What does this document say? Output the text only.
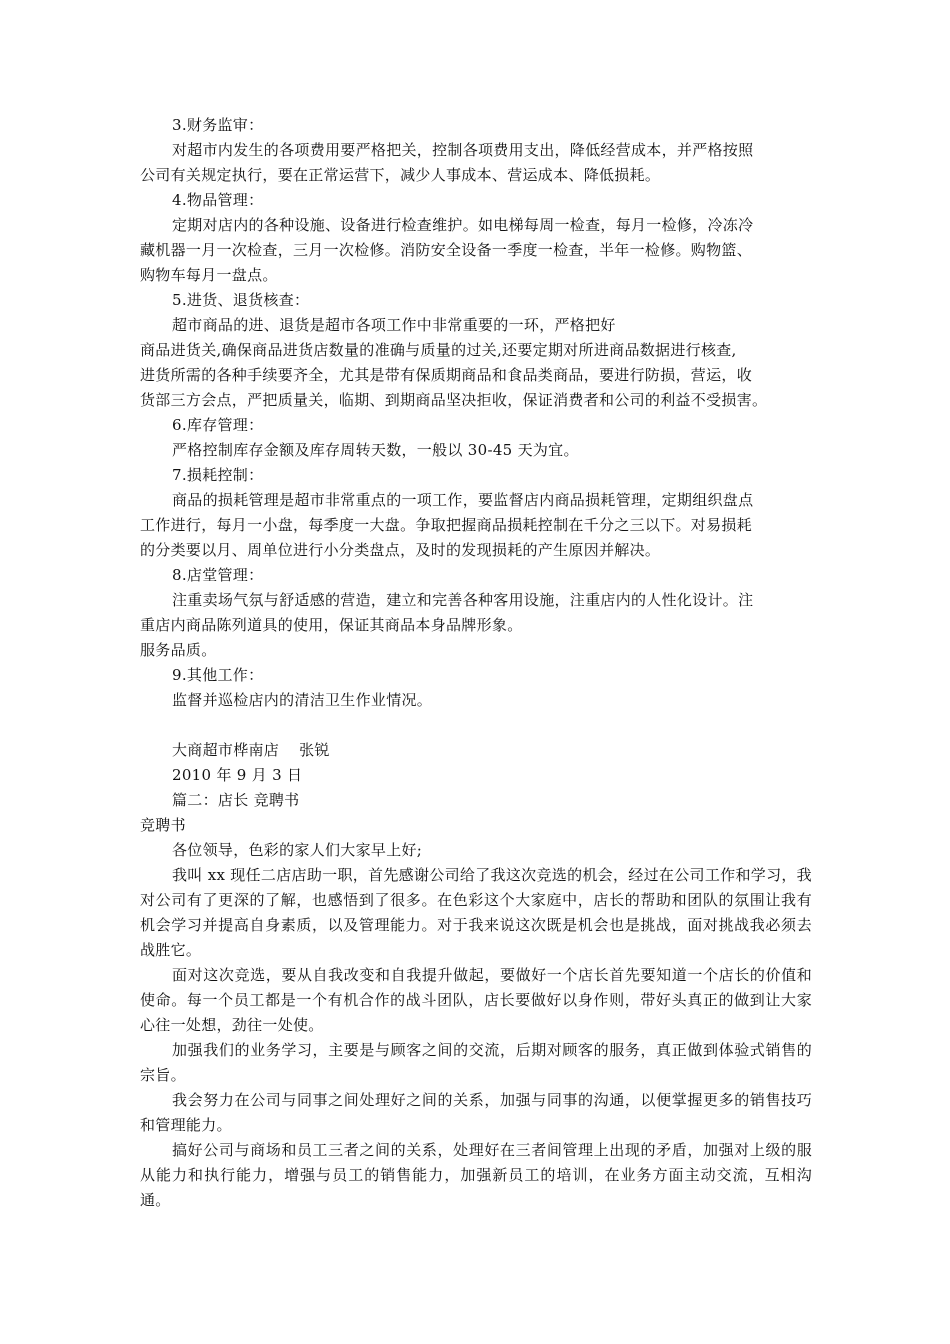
3.财务监审：
对超市内发生的各项费用要严格把关，控制各项费用支出，降低经营成本，并严格按照
公司有关规定执行，要在正常运营下，减少人事成本、营运成本、降低损耗。
4.物品管理：
定期对店内的各种设施、设备进行检查维护。如电梯每周一检查，每月一检修，冷冻冷
藏机器一月一次检查，三月一次检修。消防安全设备一季度一检查，半年一检修。购物篮、
购物车每月一盘点。
5.进货、退货核查：
超市商品的进、退货是超市各项工作中非常重要的一环，严格把好
商品进货关,确保商品进货店数量的准确与质量的过关,还要定期对所进商品数据进行核查,
进货所需的各种手续要齐全，尤其是带有保质期商品和食品类商品，要进行防损，营运，收
货部三方会点，严把质量关，临期、到期商品坚决拒收，保证消费者和公司的利益不受损害。
6.库存管理：
严格控制库存金额及库存周转天数，一般以 30-45 天为宜。
7.损耗控制：
商品的损耗管理是超市非常重点的一项工作，要监督店内商品损耗管理，定期组织盘点
工作进行，每月一小盘，每季度一大盘。争取把握商品损耗控制在千分之三以下。对易损耗
的分类要以月、周单位进行小分类盘点，及时的发现损耗的产生原因并解决。
8.店堂管理：
注重卖场气氛与舒适感的营造，建立和完善各种客用设施，注重店内的人性化设计。注
重店内商品陈列道具的使用，保证其商品本身品牌形象。
服务品质。
9.其他工作：
监督并巡检店内的清洁卫生作业情况。
大商超市桦南店 张锐
2010 年 9 月 3 日
篇二：店长 竞聘书
竞聘书
各位领导，色彩的家人们大家早上好;
我叫 xx 现任二店店助一职，首先感谢公司给了我这次竞选的机会，经过在公司工作和学习，我对公司有了更深的了解，也感悟到了很多。在色彩这个大家庭中，店长的帮助和团队的氛围让我有机会学习并提高自身素质，以及管理能力。对于我来说这次既是机会也是挑战，面对挑战我必须去战胜它。
面对这次竞选，要从自我改变和自我提升做起，要做好一个店长首先要知道一个店长的价值和使命。每一个员工都是一个有机合作的战斗团队，店长要做好以身作则，带好头真正的做到让大家心往一处想，劲往一处使。
加强我们的业务学习，主要是与顾客之间的交流，后期对顾客的服务，真正做到体验式销售的宗旨。
我会努力在公司与同事之间处理好之间的关系，加强与同事的沟通，以便掌握更多的销售技巧和管理能力。
搞好公司与商场和员工三者之间的关系，处理好在三者间管理上出现的矛盾，加强对上级的服从能力和执行能力，增强与员工的销售能力，加强新员工的培训，在业务方面主动交流，互相沟通。
